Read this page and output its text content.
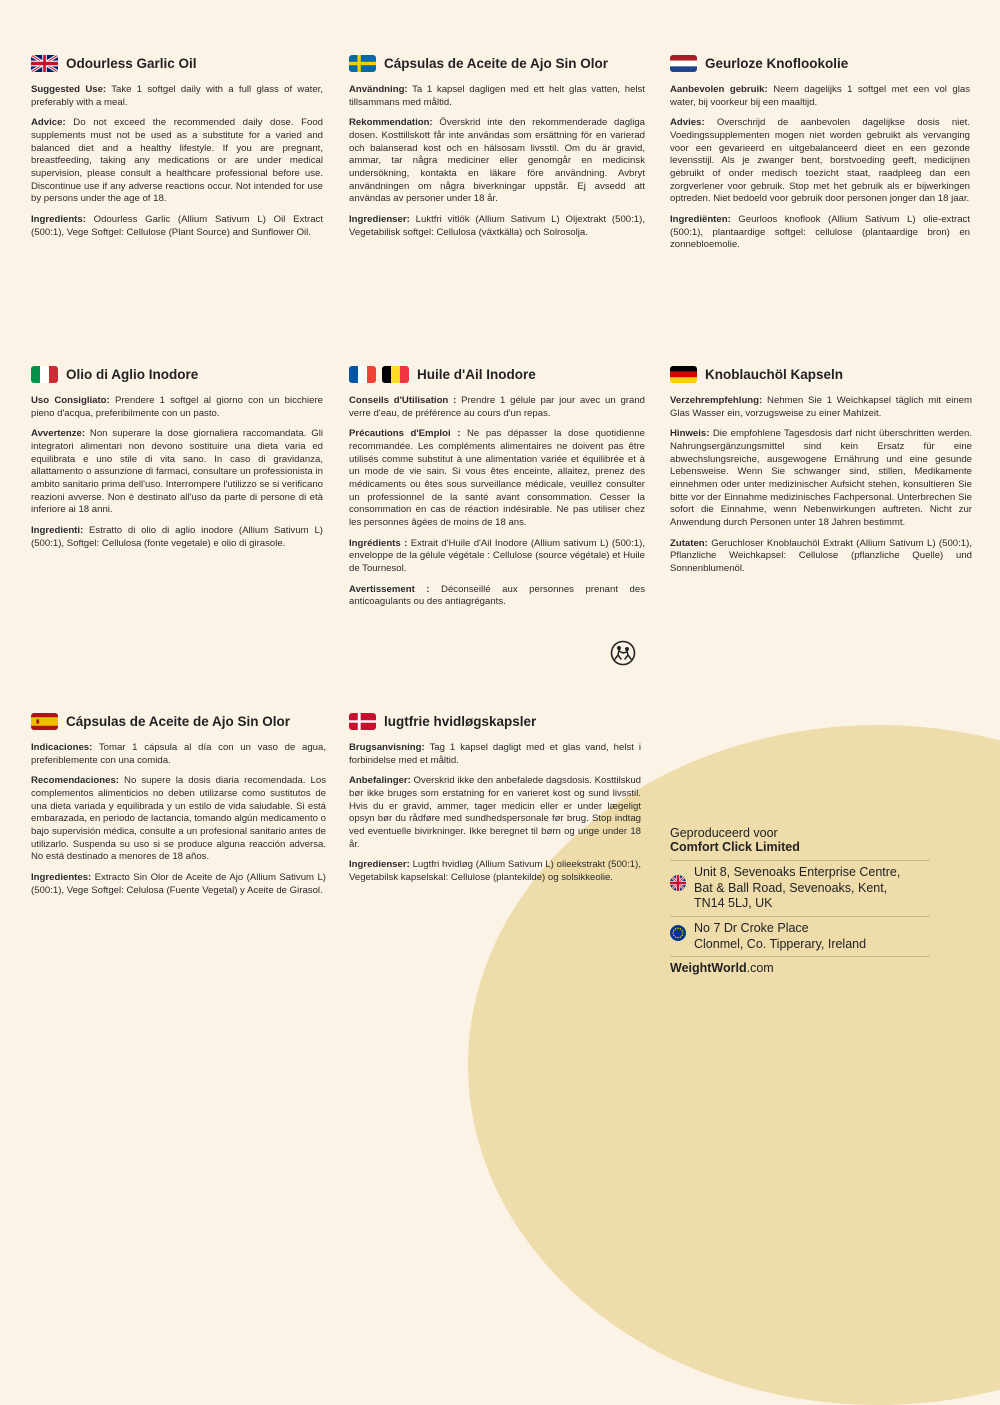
Odourless Garlic Oil

Suggested Use: Take 1 softgel daily with a full glass of water, preferably with a meal.

Advice: Do not exceed the recommended daily dose. Food supplements must not be used as a substitute for a varied and balanced diet and a healthy lifestyle. If you are pregnant, breastfeeding, taking any medications or are under medical supervision, please consult a healthcare professional before use. Discontinue use if any adverse reactions occur. Not intended for use by persons under the age of 18.

Ingredients: Odourless Garlic (Allium Sativum L) Oil Extract (500:1), Vege Softgel: Cellulose (Plant Source) and Sunflower Oil.

Cápsulas de Aceite de Ajo Sin Olor

Användning: Ta 1 kapsel dagligen med ett helt glas vatten, helst tillsammans med måltid.

Rekommendation: Överskrid inte den rekommenderade dagliga dosen. Kosttillskott får inte användas som ersättning för en varierad och balanserad kost och en hälsosam livsstil. Om du är gravid, ammar, tar några mediciner eller genomgår en medicinsk undersökning, kontakta en läkare före användning. Avbryt användningen om några biverkningar uppstår. Ej avsedd att användas av personer under 18 år.

Ingredienser: Luktfri vitlök (Allium Sativum L) Oljextrakt (500:1), Vegetabilisk softgel: Cellulosa (växtkälla) och Solrosolja.

Geurloze Knoflookolie

Aanbevolen gebruik: Neem dagelijks 1 softgel met een vol glas water, bij voorkeur bij een maaltijd.

Advies: Overschrijd de aanbevolen dagelijkse dosis niet. Voedingssupplementen mogen niet worden gebruikt als vervanging voor een gevarieerd en uitgebalanceerd dieet en een gezonde levensstijl. Als je zwanger bent, borstvoeding geeft, medicijnen gebruikt of onder medisch toezicht staat, raadpleeg dan een zorgverlener voor gebruik. Stop met het gebruik als er bijwerkingen optreden. Niet bedoeld voor gebruik door personen jonger dan 18 jaar.

Ingrediënten: Geurloos knoflook (Allium Sativum L) olie-extract (500:1), plantaardige softgel: cellulose (plantaardige bron) en zonnebloemolie.

Olio di Aglio Inodore

Uso Consigliato: Prendere 1 softgel al giorno con un bicchiere pieno d'acqua, preferibilmente con un pasto.

Avvertenze: Non superare la dose giornaliera raccomandata. Gli integratori alimentari non devono sostituire una dieta varia ed equilibrata e uno stile di vita sano. In caso di gravidanza, allattamento o assunzione di farmaci, consultare un professionista in ambito sanitario prima dell'uso. Interrompere l'utilizzo se si verificano reazioni avverse. Non è destinato all'uso da parte di persone di età inferiore ai 18 anni.

Ingredienti: Estratto di olio di aglio inodore (Allium Sativum L) (500:1), Softgel: Cellulosa (fonte vegetale) e olio di girasole.

Huile d'Ail Inodore

Conseils d'Utilisation : Prendre 1 gélule par jour avec un grand verre d'eau, de préférence au cours d'un repas.

Précautions d'Emploi : Ne pas dépasser la dose quotidienne recommandée. Les compléments alimentaires ne doivent pas être utilisés comme substitut à une alimentation variée et équilibrée et à un mode de vie sain. Si vous êtes enceinte, allaitez, prenez des médicaments ou êtes sous surveillance médicale, veuillez consulter un professionnel de la santé avant consommation. Cesser la consommation en cas de réaction indésirable. Ne pas utiliser chez les personnes âgées de moins de 18 ans.

Ingrédients : Extrait d'Huile d'Ail Inodore (Allium sativum L) (500:1), enveloppe de la gélule végétale : Cellulose (source végétale) et Huile de Tournesol.

Avertissement : Déconseillé aux personnes prenant des anticoagulants ou des antiagrégants.

Knoblauchöl Kapseln

Verzehrempfehlung: Nehmen Sie 1 Weichkapsel täglich mit einem Glas Wasser ein, vorzugsweise zu einer Mahlzeit.

Hinweis: Die empfohlene Tagesdosis darf nicht überschritten werden. Nahrungsergänzungsmittel sind kein Ersatz für eine abwechslungsreiche, ausgewogene Ernährung und eine gesunde Lebensweise. Wenn Sie schwanger sind, stillen, Medikamente einnehmen oder unter medizinischer Aufsicht stehen, konsultieren Sie bitte vor der Einnahme medizinisches Fachpersonal. Unterbrechen Sie sofort die Einnahme, wenn Nebenwirkungen auftreten. Nicht zur Anwendung durch Personen unter 18 Jahren bestimmt.

Zutaten: Geruchloser Knoblauchöl Extrakt (Allium Sativum L) (500:1), Pflanzliche Weichkapsel: Cellulose (pflanzliche Quelle) und Sonnenblumenöl.

Cápsulas de Aceite de Ajo Sin Olor

Indicaciones: Tomar 1 cápsula al día con un vaso de agua, preferiblemente con una comida.

Recomendaciones: No supere la dosis diaria recomendada. Los complementos alimenticios no deben utilizarse como sustitutos de una dieta variada y equilibrada y un estilo de vida saludable. Si está embarazada, en periodo de lactancia, tomando algún medicamento o bajo supervisión médica, consulte a un profesional sanitario antes de utilizarlo. Suspenda su uso si se produce alguna reacción adversa. No está destinado a menores de 18 años.

Ingredientes: Extracto Sin Olor de Aceite de Ajo (Allium Sativum L) (500:1), Vege Softgel: Celulosa (Fuente Vegetal) y Aceite de Girasol.

lugtfrie hvidløgskapsler

Brugsanvisning: Tag 1 kapsel dagligt med et glas vand, helst i forbindelse med et måltid.

Anbefalinger: Overskrid ikke den anbefalede dagsdosis. Kosttilskud bør ikke bruges som erstatning for en varieret kost og sund livsstil. Hvis du er gravid, ammer, tager medicin eller er under lægeligt opsyn bør du rådføre med sundhedspersonale før brug. Stop indtag ved eventuelle bivirkninger. Ikke beregnet til børn og unge under 18 år.

Ingredienser: Lugtfri hvidløg (Allium Sativum L) olieekstrakt (500:1), Vegetabilsk kapselskal: Cellulose (plantekilde) og solsikkeolie.

Geproduceerd voor
Comfort Click Limited
Unit 8, Sevenoaks Enterprise Centre,
Bat & Ball Road, Sevenoaks, Kent,
TN14 5LJ, UK
No 7 Dr Croke Place
Clonmel, Co. Tipperary, Ireland
WeightWorld.com
